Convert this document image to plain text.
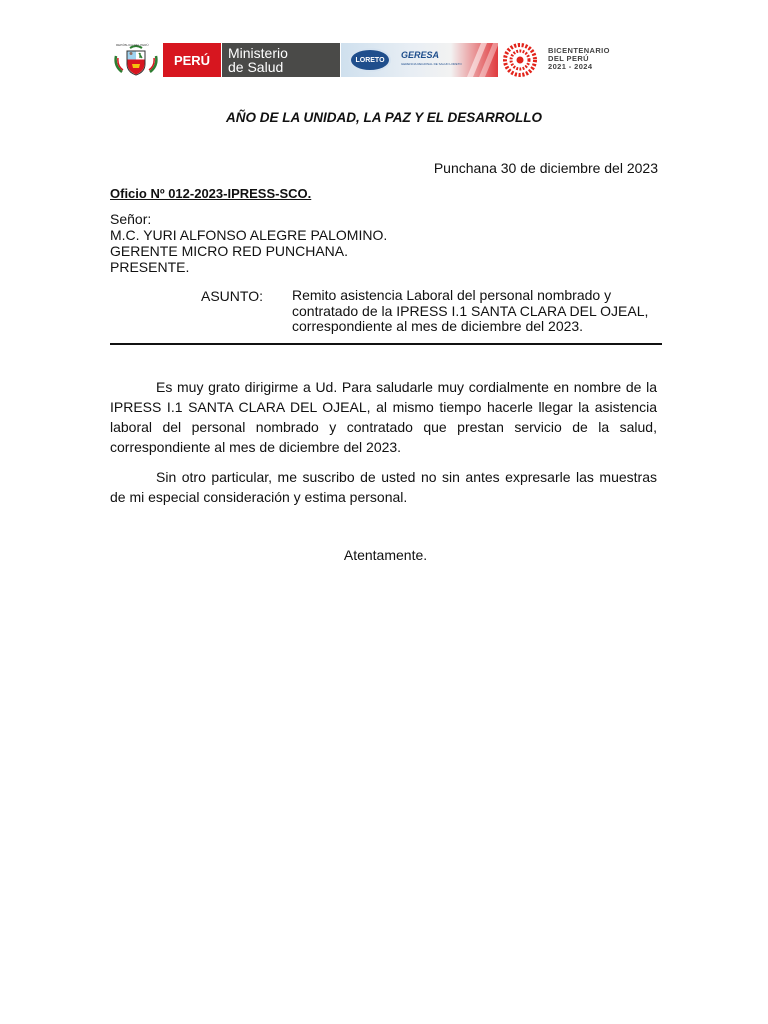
REPÚBLICA DEL PERÚ
PERÚ Ministerio
de Salud	LORETO GERESA
GERENCIA REGIONAL DE SALUD LORETO
BICENTENARIO
DEL PERÚ
2021 - 2024
AÑO DE LA UNIDAD, LA PAZ Y EL DESARROLLO
Punchana 30 de diciembre del 2023
Oficio Nº 012-2023-IPRESS-SCO.
Señor:
M.C. YURI ALFONSO ALEGRE PALOMINO.
GERENTE MICRO RED PUNCHANA.
PRESENTE.
ASUNTO: Remito asistencia Laboral del personal nombrado y contratado de la IPRESS I.1 SANTA CLARA DEL OJEAL, correspondiente al mes de diciembre del 2023.

Es muy grato dirigirme a Ud. Para saludarle muy cordialmente en nombre de la IPRESS I.1 SANTA CLARA DEL OJEAL, al mismo tiempo hacerle llegar la asistencia laboral del personal nombrado y contratado que prestan servicio de la salud, correspondiente al mes de diciembre del 2023.

Sin otro particular, me suscribo de usted no sin antes expresarle las muestras de mi especial consideración y estima personal.

Atentamente.
